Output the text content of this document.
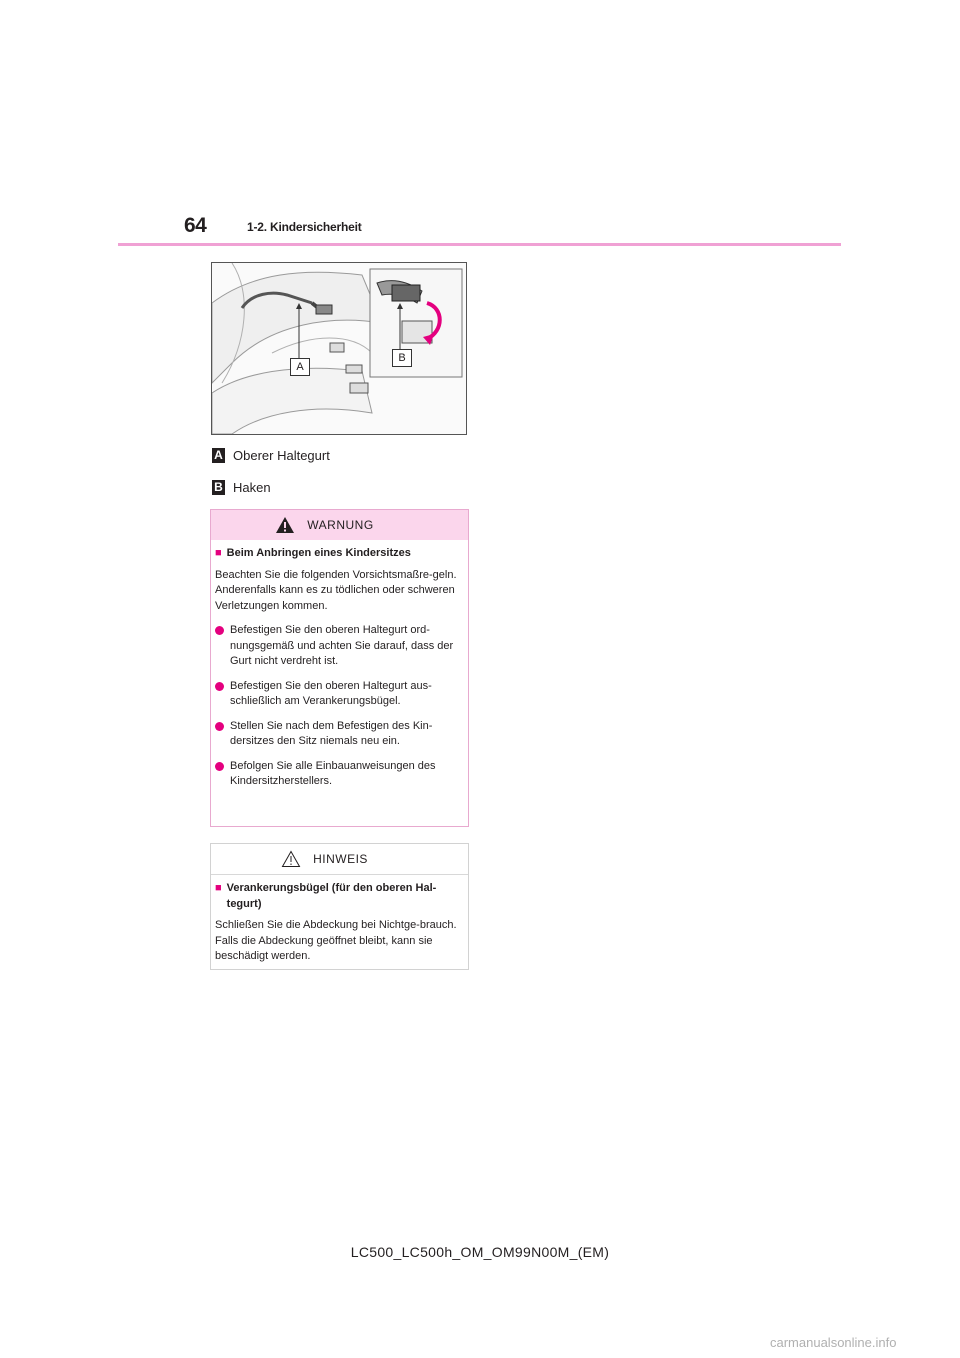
64	1-2. Kindersicherheit
A
B
A Oberer Haltegurt
B Haken
WARNUNG
■ Beim Anbringen eines Kindersitzes

Beachten Sie die folgenden Vorsichtsmaßre-geln.
Anderenfalls kann es zu tödlichen oder schweren Verletzungen kommen.

Befestigen Sie den oberen Haltegurt ord-nungsgemäß und achten Sie darauf, dass der Gurt nicht verdreht ist.
Befestigen Sie den oberen Haltegurt aus-schließlich am Verankerungsbügel.
Stellen Sie nach dem Befestigen des Kin-dersitzes den Sitz niemals neu ein.
Befolgen Sie alle Einbauanweisungen des Kindersitzherstellers.
HINWEIS
■ Verankerungsbügel (für den oberen Hal-tegurt)

Schließen Sie die Abdeckung bei Nichtge-brauch. Falls die Abdeckung geöffnet bleibt, kann sie beschädigt werden.

LC500_LC500h_OM_OM99N00M_(EM)
carmanualsonline.info
